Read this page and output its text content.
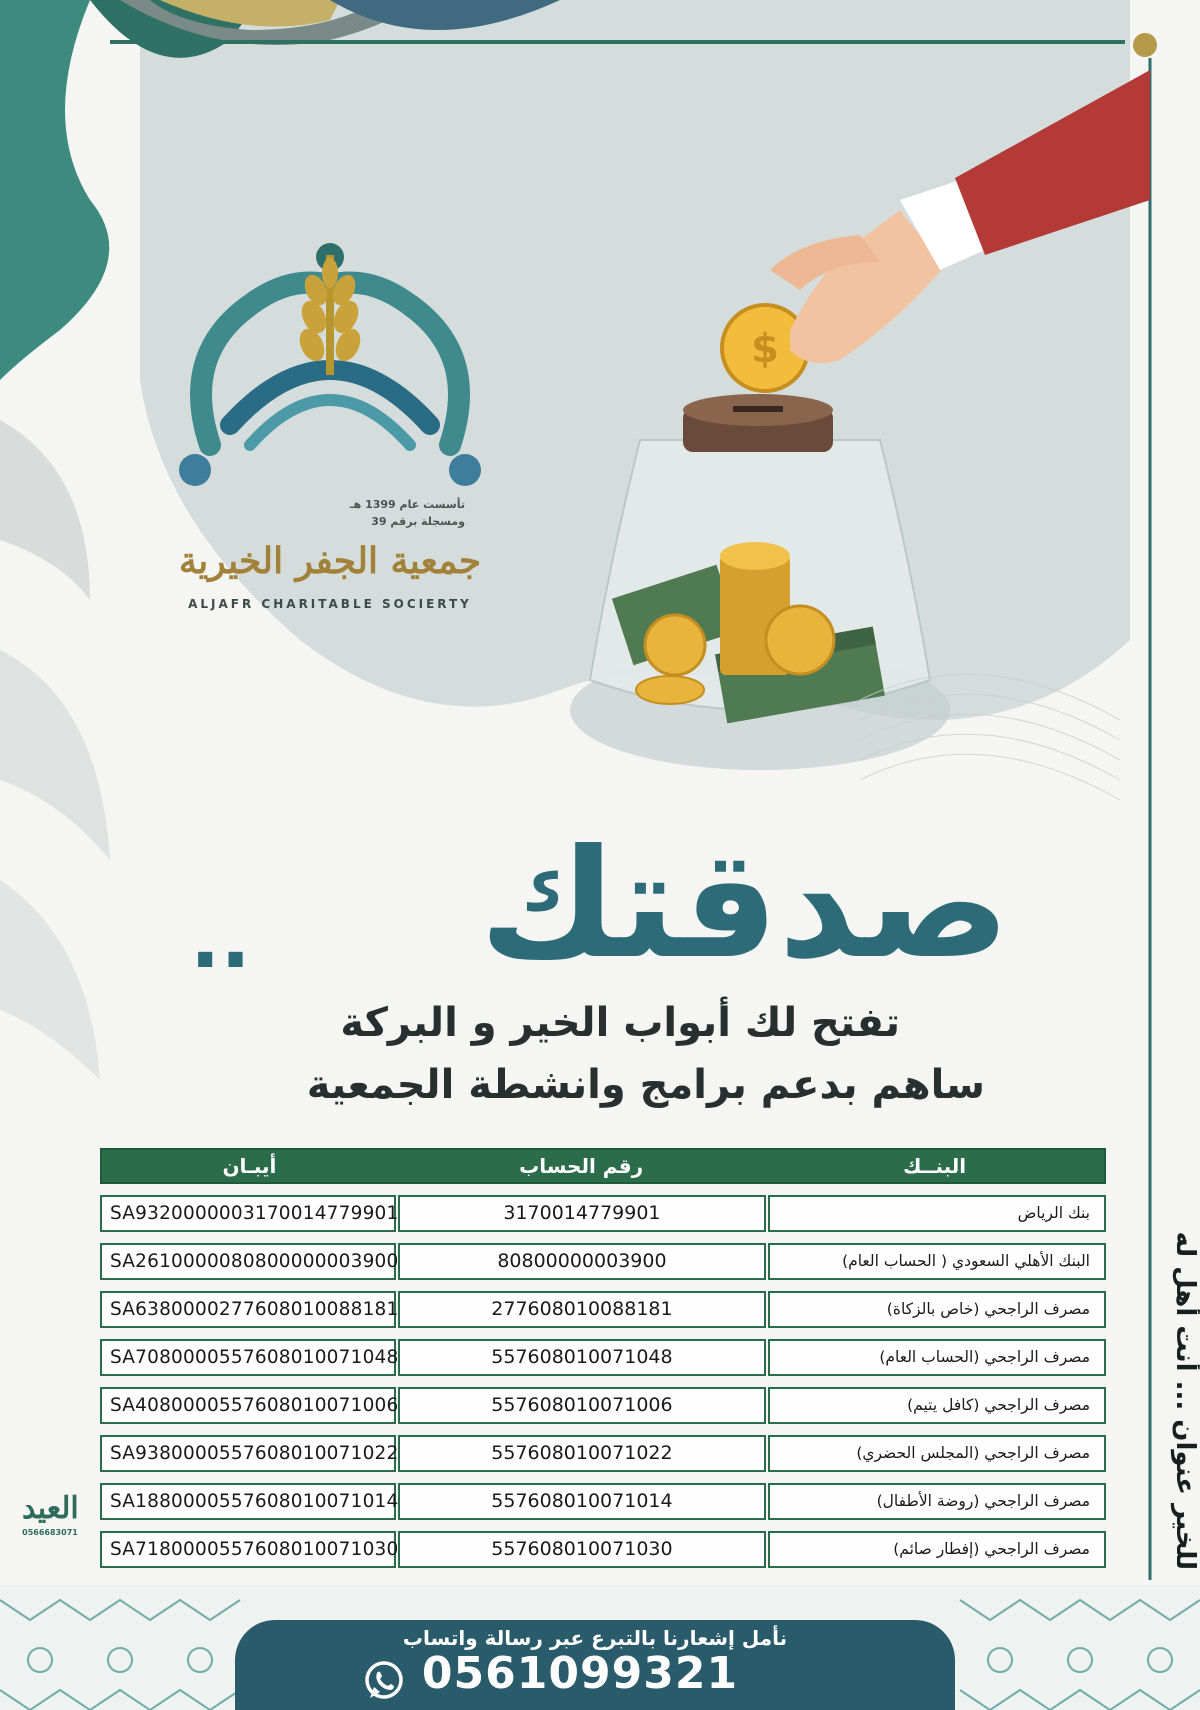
$
تأسست عام 1399 هـ
ومسجلة برقم 39
جمعية الجفر الخيرية
ALJAFR CHARITABLE SOCIERTY
صدقتك
..
تفتح لك أبواب الخير و البركة
ساهم بدعم برامج وانشطة الجمعية
للخير عنوان ... أنت أهل له
البنــك
رقم الحساب
أيبـان
بنك الرياض
3170014779901
SA9320000003170014779901
البنك الأهلي السعودي ( الحساب العام)
80800000003900
SA2610000080800000003900
مصرف الراجحي (خاص بالزكاة)
277608010088181
SA6380000277608010088181
مصرف الراجحي (الحساب العام)
557608010071048
SA7080000557608010071048
مصرف الراجحي (كافل يتيم)
557608010071006
SA4080000557608010071006
مصرف الراجحي (المجلس الحضري)
557608010071022
SA9380000557608010071022
مصرف الراجحي (روضة الأطفال)
557608010071014
SA1880000557608010071014
مصرف الراجحي (إفطار صائم)
557608010071030
SA7180000557608010071030
العيد
0566683071
نأمل إشعارنا بالتبرع عبر رسالة واتساب
0561099321
